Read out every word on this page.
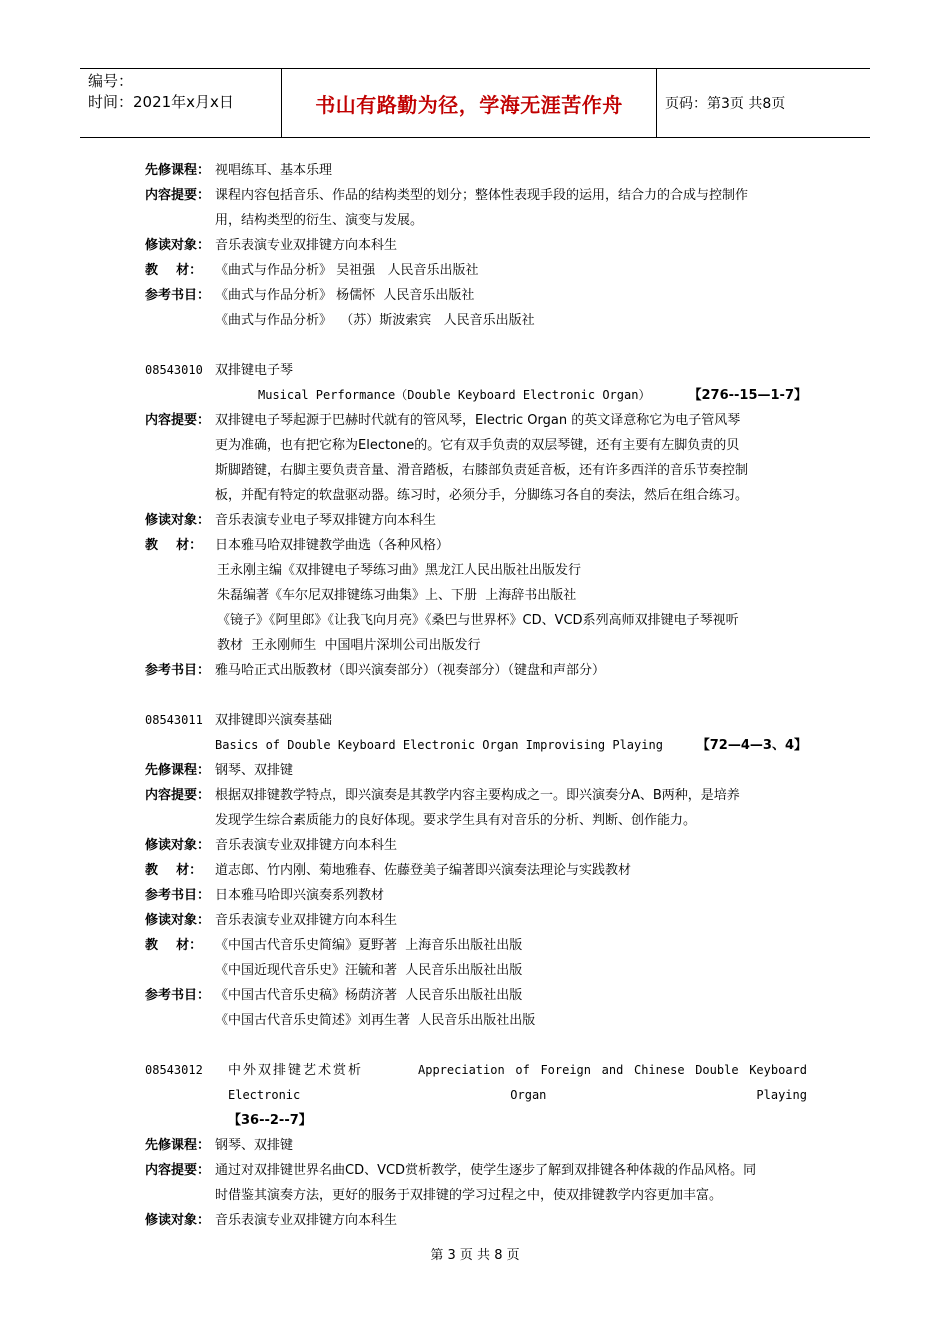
编号：
时间：2021年x月x日	书山有路勤为径，学海无涯苦作舟	页码：第3页 共8页
先修课程： 视唱练耳、基本乐理
内容提要： 课程内容包括音乐、作品的结构类型的划分；整体性表现手段的运用，结合力的合成与控制作
用，结构类型的衍生、演变与发展。
修读对象： 音乐表演专业双排键方向本科生
教    材： 《曲式与作品分析》 吴祖强   人民音乐出版社
参考书目： 《曲式与作品分析》 杨儒怀  人民音乐出版社
《曲式与作品分析》  （苏）斯波索宾   人民音乐出版社
08543010 双排键电子琴
Musical Performance（Double Keyboard Electronic Organ）	【276--15—1-7】
内容提要： 双排键电子琴起源于巴赫时代就有的管风琴，Electric Organ 的英文译意称它为电子管风琴
更为准确，也有把它称为Electone的。它有双手负责的双层琴键，还有主要有左脚负责的贝
斯脚踏键，右脚主要负责音量、滑音踏板，右膝部负责延音板，还有许多西洋的音乐节奏控制
板，并配有特定的软盘驱动器。练习时，必须分手，分脚练习各自的奏法，然后在组合练习。
修读对象： 音乐表演专业电子琴双排键方向本科生
教    材： 日本雅马哈双排键教学曲选（各种风格）
王永刚主编《双排键电子琴练习曲》黑龙江人民出版社出版发行
朱磊编著《车尔尼双排键练习曲集》上、下册  上海辞书出版社
《镜子》《阿里郎》《让我飞向月亮》《桑巴与世界杯》CD、VCD系列高师双排键电子琴视听
教材  王永刚师生  中国唱片深圳公司出版发行
参考书目： 雅马哈正式出版教材（即兴演奏部分）（视奏部分）（键盘和声部分）
08543011 双排键即兴演奏基础
Basics of Double Keyboard Electronic Organ Improvising Playing	【72—4—3、4】
先修课程： 钢琴、双排键
内容提要： 根据双排键教学特点，即兴演奏是其教学内容主要构成之一。即兴演奏分A、B两种，是培养
发现学生综合素质能力的良好体现。要求学生具有对音乐的分析、判断、创作能力。
修读对象： 音乐表演专业双排键方向本科生
教    材： 道志郎、竹内刚、菊地雅春、佐藤登美子编著即兴演奏法理论与实践教材
参考书目： 日本雅马哈即兴演奏系列教材
修读对象： 音乐表演专业双排键方向本科生
教    材： 《中国古代音乐史简编》夏野著  上海音乐出版社出版
《中国近现代音乐史》汪毓和著  人民音乐出版社出版
参考书目： 《中国古代音乐史稿》杨荫济著  人民音乐出版社出版
《中国古代音乐史简述》刘再生著  人民音乐出版社出版
08543012	中外双排键艺术赏析	Appreciation of Foreign and Chinese Double Keyboard
Electronic	Organ	Playing
【36--2--7】
先修课程： 钢琴、双排键
内容提要： 通过对双排键世界名曲CD、VCD赏析教学，使学生逐步了解到双排键各种体裁的作品风格。同
时借鉴其演奏方法，更好的服务于双排键的学习过程之中，使双排键教学内容更加丰富。
修读对象： 音乐表演专业双排键方向本科生
第 3 页 共 8 页
